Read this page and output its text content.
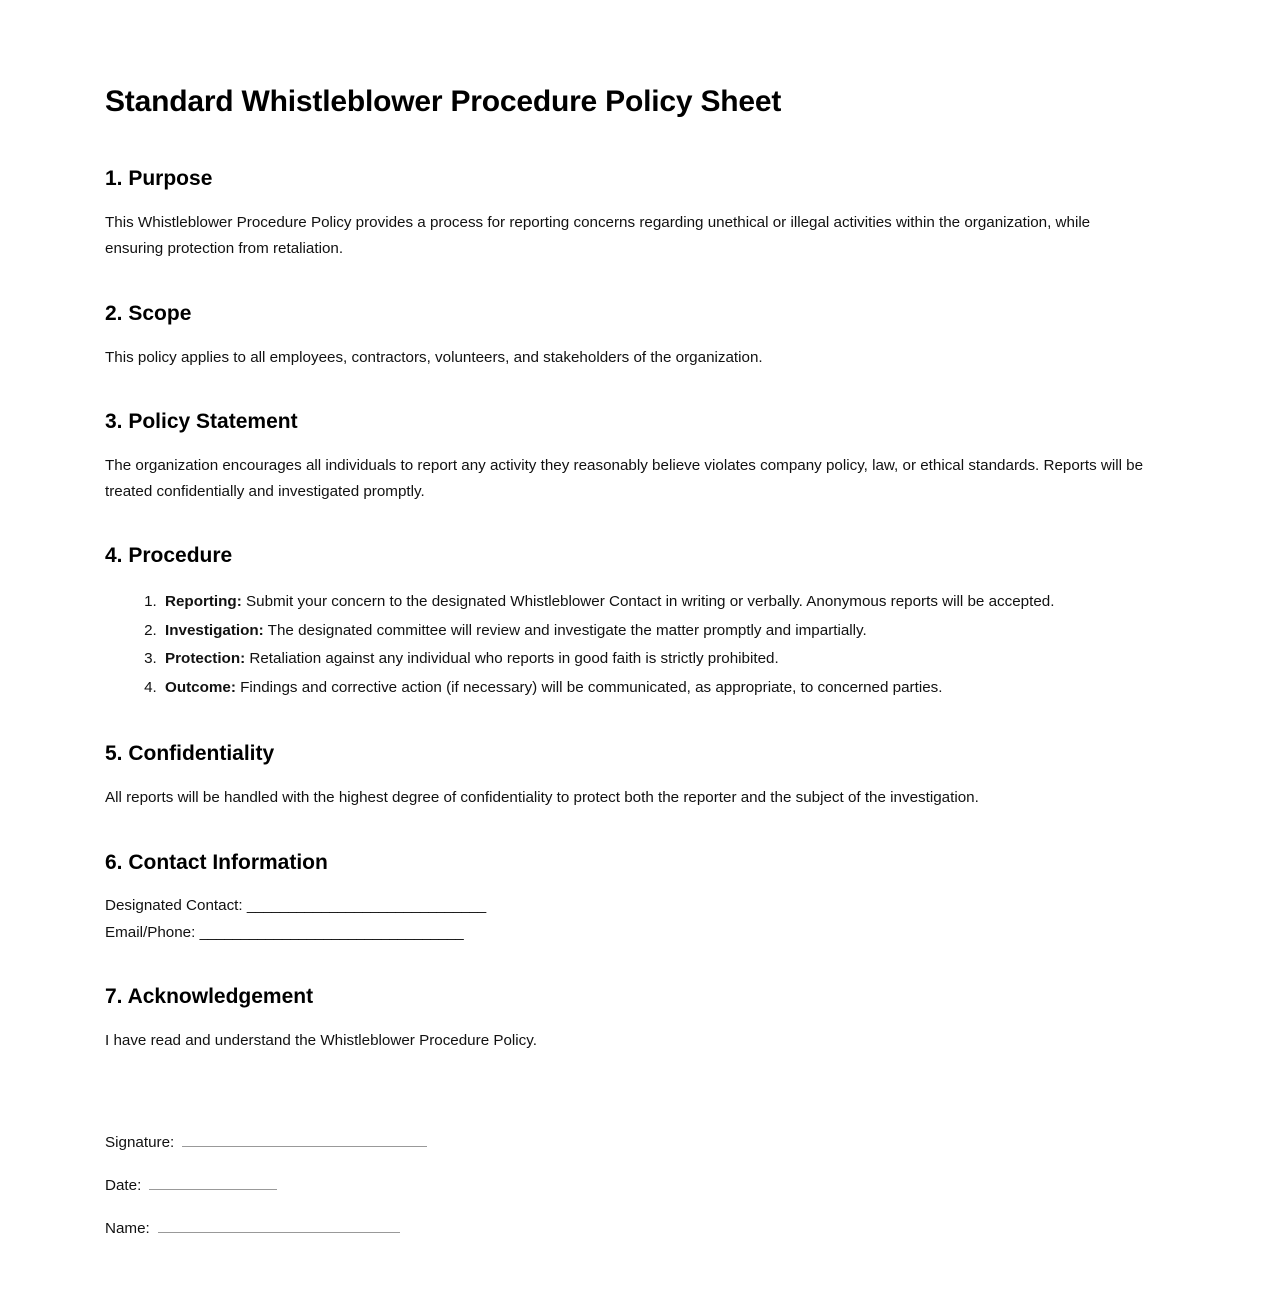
Standard Whistleblower Procedure Policy Sheet
1. Purpose

This Whistleblower Procedure Policy provides a process for reporting concerns regarding unethical or illegal activities within the organization, while ensuring protection from retaliation.

2. Scope

This policy applies to all employees, contractors, volunteers, and stakeholders of the organization.

3. Policy Statement

The organization encourages all individuals to report any activity they reasonably believe violates company policy, law, or ethical standards. Reports will be treated confidentially and investigated promptly.

4. Procedure
1. Reporting: Submit your concern to the designated Whistleblower Contact in writing or verbally. Anonymous reports will be accepted.
2. Investigation: The designated committee will review and investigate the matter promptly and impartially.
3. Protection: Retaliation against any individual who reports in good faith is strictly prohibited.
4. Outcome: Findings and corrective action (if necessary) will be communicated, as appropriate, to concerned parties.
5. Confidentiality

All reports will be handled with the highest degree of confidentiality to protect both the reporter and the subject of the investigation.

6. Contact Information
Designated Contact: _____________________________
Email/Phone: ________________________________
7. Acknowledgement

I have read and understand the Whistleblower Procedure Policy.

Signature:
Date:
Name:
